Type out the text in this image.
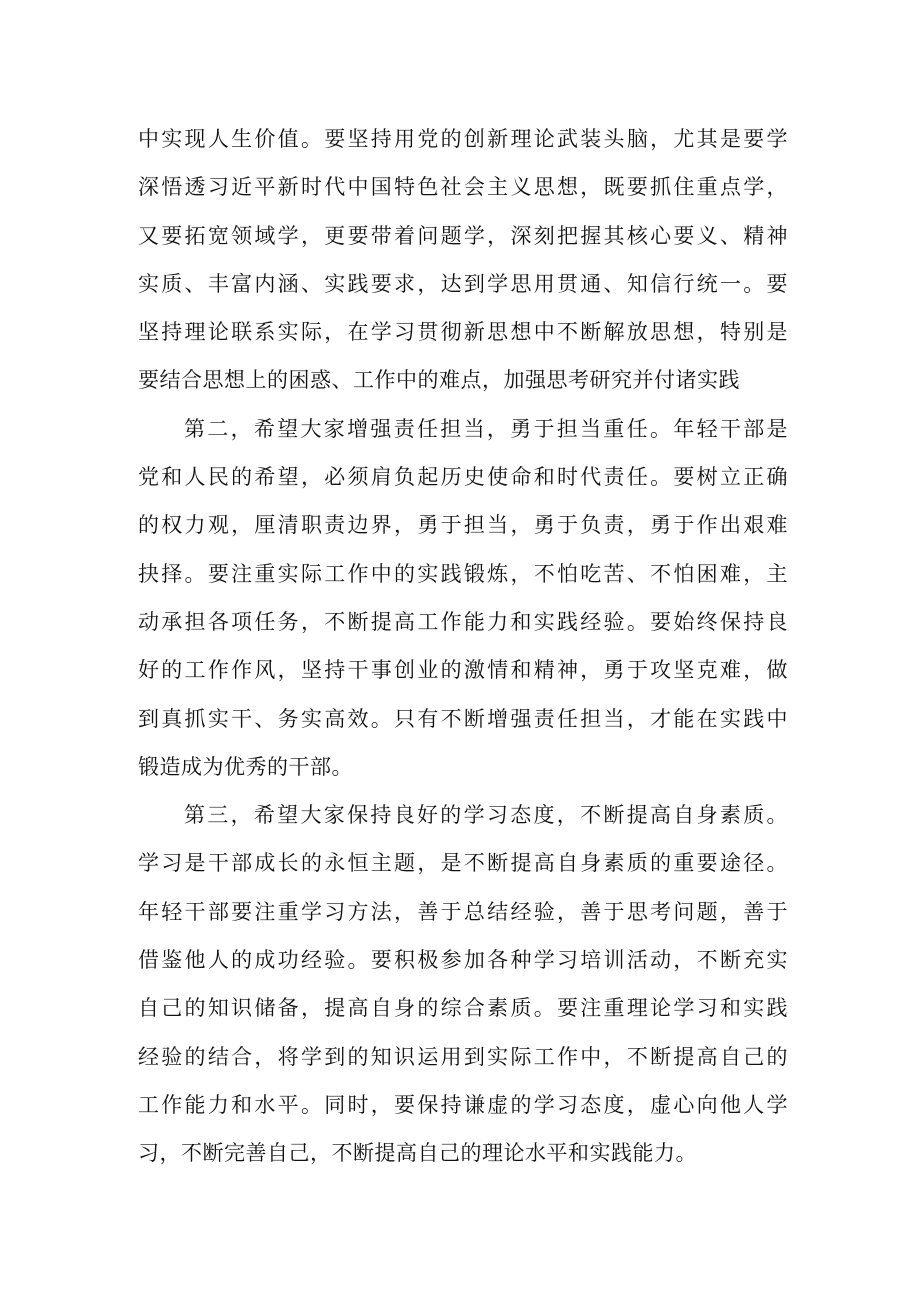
中实现人生价值。要坚持用党的创新理论武装头脑，尤其是要学
深悟透习近平新时代中国特色社会主义思想，既要抓住重点学，
又要拓宽领域学，更要带着问题学，深刻把握其核心要义、精神
实质、丰富内涵、实践要求，达到学思用贯通、知信行统一。要
坚持理论联系实际，在学习贯彻新思想中不断解放思想，特别是
要结合思想上的困惑、工作中的难点，加强思考研究并付诸实践
第二，希望大家增强责任担当，勇于担当重任。年轻干部是
党和人民的希望，必须肩负起历史使命和时代责任。要树立正确
的权力观，厘清职责边界，勇于担当，勇于负责，勇于作出艰难
抉择。要注重实际工作中的实践锻炼，不怕吃苦、不怕困难，主
动承担各项任务，不断提高工作能力和实践经验。要始终保持良
好的工作作风，坚持干事创业的激情和精神，勇于攻坚克难，做
到真抓实干、务实高效。只有不断增强责任担当，才能在实践中
锻造成为优秀的干部。
第三，希望大家保持良好的学习态度，不断提高自身素质。
学习是干部成长的永恒主题，是不断提高自身素质的重要途径。
年轻干部要注重学习方法，善于总结经验，善于思考问题，善于
借鉴他人的成功经验。要积极参加各种学习培训活动，不断充实
自己的知识储备，提高自身的综合素质。要注重理论学习和实践
经验的结合，将学到的知识运用到实际工作中，不断提高自己的
工作能力和水平。同时，要保持谦虚的学习态度，虚心向他人学
习，不断完善自己，不断提高自己的理论水平和实践能力。
